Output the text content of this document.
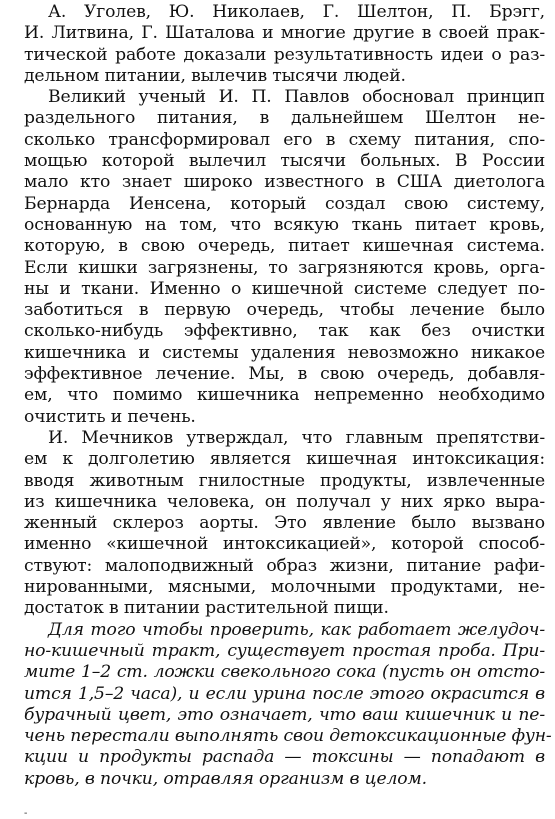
А. Уголев, Ю. Николаев, Г. Шелтон, П. Брэгг,
И. Литвина, Г. Шаталова и многие другие в своей прак-
тической работе доказали результативность идеи о раз-
дельном питании, вылечив тысячи людей.
Великий ученый И. П. Павлов обосновал принцип
раздельного питания, в дальнейшем Шелтон не-
сколько трансформировал его в схему питания, спо-
мощью которой вылечил тысячи больных. В России
мало кто знает широко известного в США диетолога
Бернарда Иенсена, который создал свою систему,
основанную на том, что всякую ткань питает кровь,
которую, в свою очередь, питает кишечная система.
Если кишки загрязнены, то загрязняются кровь, орга-
ны и ткани. Именно о кишечной системе следует по-
заботиться в первую очередь, чтобы лечение было
сколько-нибудь эффективно, так как без очистки
кишечника и системы удаления невозможно никакое
эффективное лечение. Мы, в свою очередь, добавля-
ем, что помимо кишечника непременно необходимо
очистить и печень.
И. Мечников утверждал, что главным препятстви-
ем к долголетию является кишечная интоксикация:
вводя животным гнилостные продукты, извлеченные
из кишечника человека, он получал у них ярко выра-
женный склероз аорты. Это явление было вызвано
именно «кишечной интоксикацией», которой способ-
ствуют: малоподвижный образ жизни, питание рафи-
нированными, мясными, молочными продуктами, не-
достаток в питании растительной пищи.
Для того чтобы проверить, как работает желудоч-
но-кишечный тракт, существует простая проба. При-
мите 1–2 ст. ложки свекольного сока (пусть он отсто-
ится 1,5–2 часа), и если урина после этого окрасится в
бурачный цвет, это означает, что ваш кишечник и пе-
чень перестали выполнять свои детоксикационные фун-
кции и продукты распада — токсины — попадают в
кровь, в почки, отравляя организм в целом.
-
